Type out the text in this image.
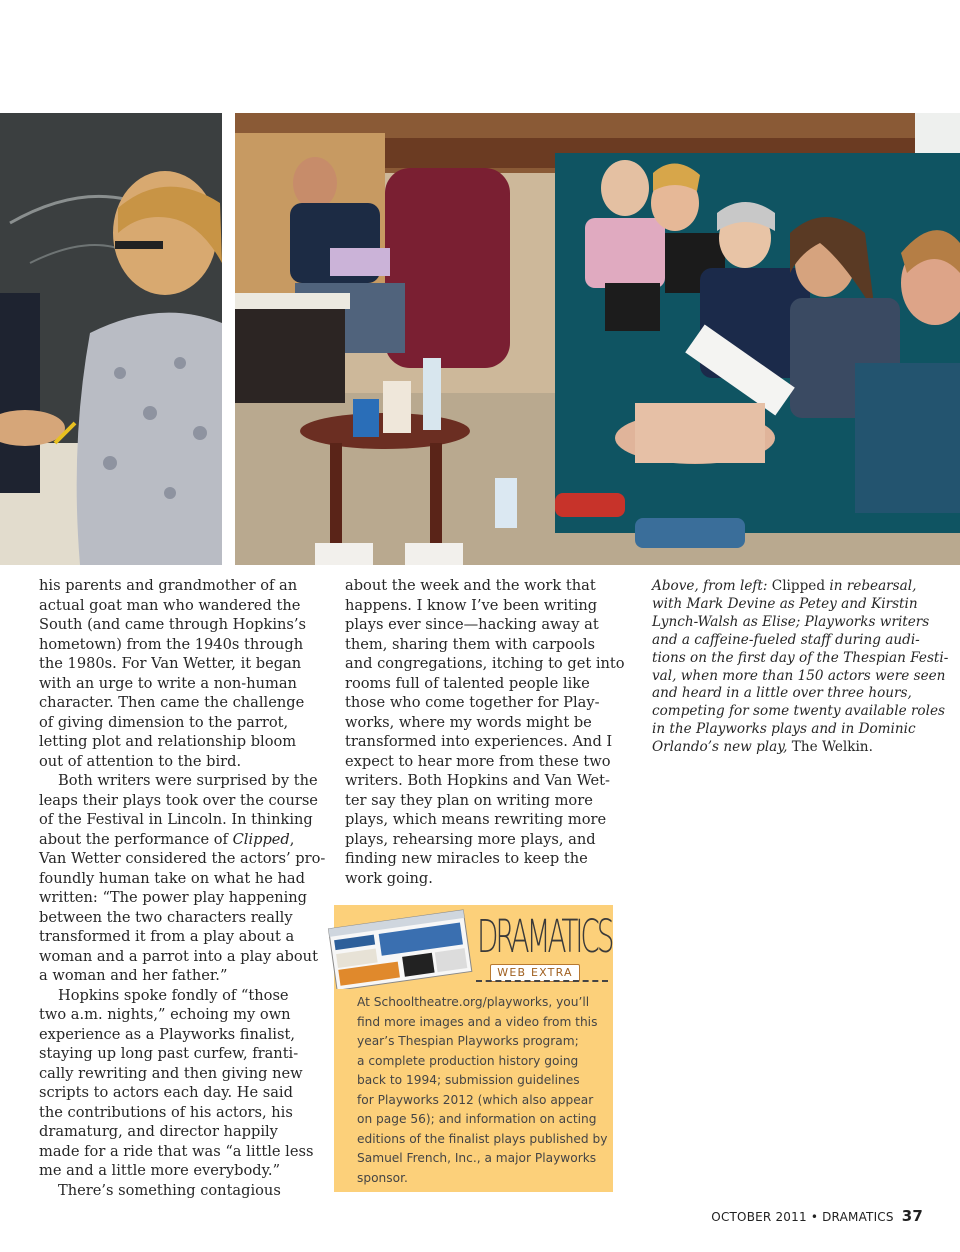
his parents and grandmother of an
actual goat man who wandered the
South (and came through Hopkins’s
hometown) from the 1940s through
the 1980s. For Van Wetter, it began
with an urge to write a non-human
character. Then came the challenge
of giving dimension to the parrot,
letting plot and relationship bloom
out of attention to the bird.

Both writers were surprised by the
leaps their plays took over the course
of the Festival in Lincoln. In thinking
about the performance of Clipped,
Van Wetter considered the actors’ pro-
foundly human take on what he had
written: “The power play happening
between the two characters really
transformed it from a play about a
woman and a parrot into a play about
a woman and her father.”

Hopkins spoke fondly of “those
two a.m. nights,” echoing my own
experience as a Playworks finalist,
staying up long past curfew, franti-
cally rewriting and then giving new
scripts to actors each day. He said
the contributions of his actors, his
dramaturg, and director happily
made for a ride that was “a little less
me and a little more everybody.”

There’s something contagious

about the week and the work that
happens. I know I’ve been writing
plays ever since—hacking away at
them, sharing them with carpools
and congregations, itching to get into
rooms full of talented people like
those who come together for Play-
works, where my words might be
transformed into experiences. And I
expect to hear more from these two
writers. Both Hopkins and Van Wet-
ter say they plan on writing more
plays, which means rewriting more
plays, rehearsing more plays, and
finding new miracles to keep the
work going.

Above, from left: Clipped in rebearsal,
with Mark Devine as Petey and Kirstin
Lynch-Walsh as Elise; Playworks writers
and a caffeine-fueled staff during audi-
tions on the first day of the Thespian Festi-
val, when more than 150 actors were seen
and heard in a little over three hours,
competing for some twenty available roles
in the Playworks plays and in Dominic
Orlando’s new play, The Welkin.
DRAMATICS
WEB EXTRA
At Schooltheatre.org/playworks, you’ll
find more images and a video from this
year’s Thespian Playworks program;
a complete production history going
back to 1994; submission guidelines
for Playworks 2012 (which also appear
on page 56); and information on acting
editions of the finalist plays published by
Samuel French, Inc., a major Playworks
sponsor.
OCTOBER 2011 • DRAMATICS 37
